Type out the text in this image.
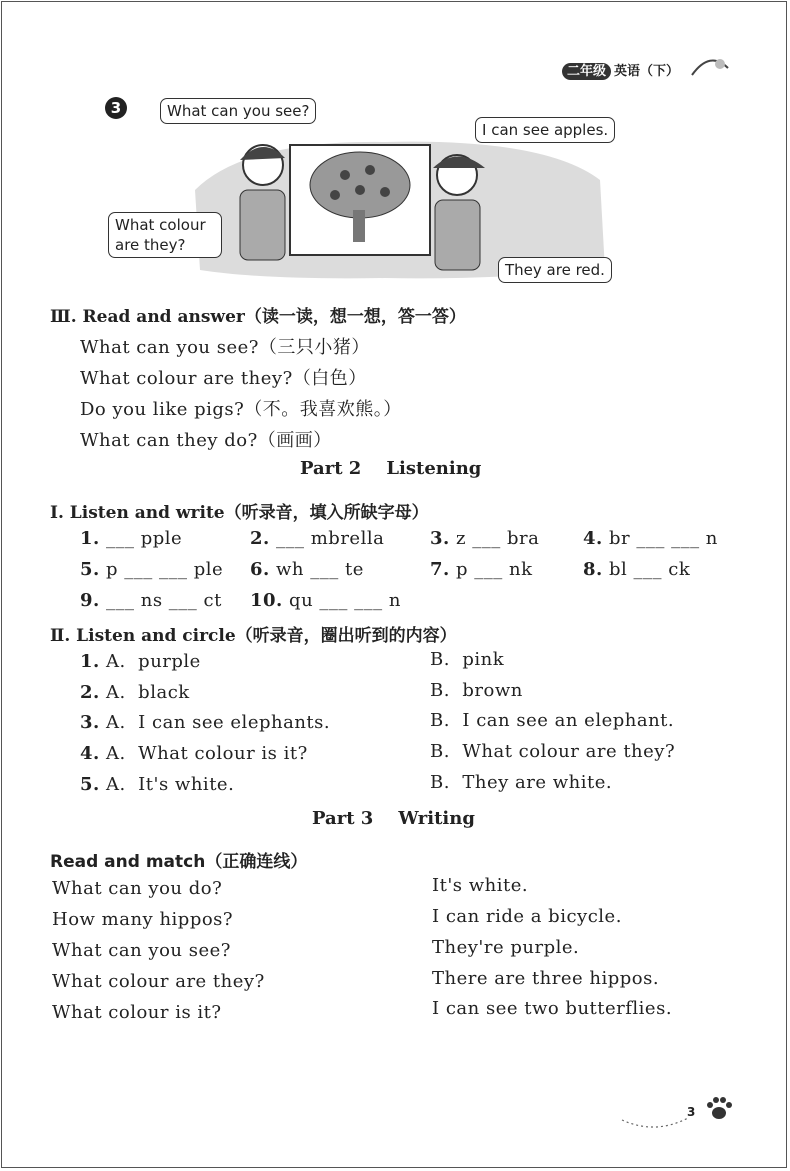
二年级 英语（下）
3	What can you see?
What colour are they?
I can see apples.
They are red.
Ⅲ. Read and answer（读一读，想一想，答一答）
What can you see?（三只小猪）
What colour are they?（白色）
Do you like pigs?（不。我喜欢熊。）
What can they do?（画画）
Part 2    Listening
Ⅰ. Listen and write（听录音，填入所缺字母）
1. ___ pple	2. ___ mbrella	3. z ___ bra 4. br ___ ___ n
5. p ___ ___ ple 6. wh ___ te	7. p ___ nk	8. bl ___ ck
9. ___ ns ___ ct 10. qu ___ ___ n
Ⅱ. Listen and circle（听录音，圈出听到的内容）
1. A.  purple	B.  pink
2. A.  black	B.  brown
3. A.  I can see elephants.	B.  I can see an elephant.
4. A.  What colour is it?	B.  What colour are they?
5. A.  It's white.	B.  They are white.
Part 3    Writing
Read and match（正确连线）
What can you do?
How many hippos?
What can you see?
What colour are they?
What colour is it?
It's white.
I can ride a bicycle.
They're purple.
There are three hippos.
I can see two butterflies.
3
